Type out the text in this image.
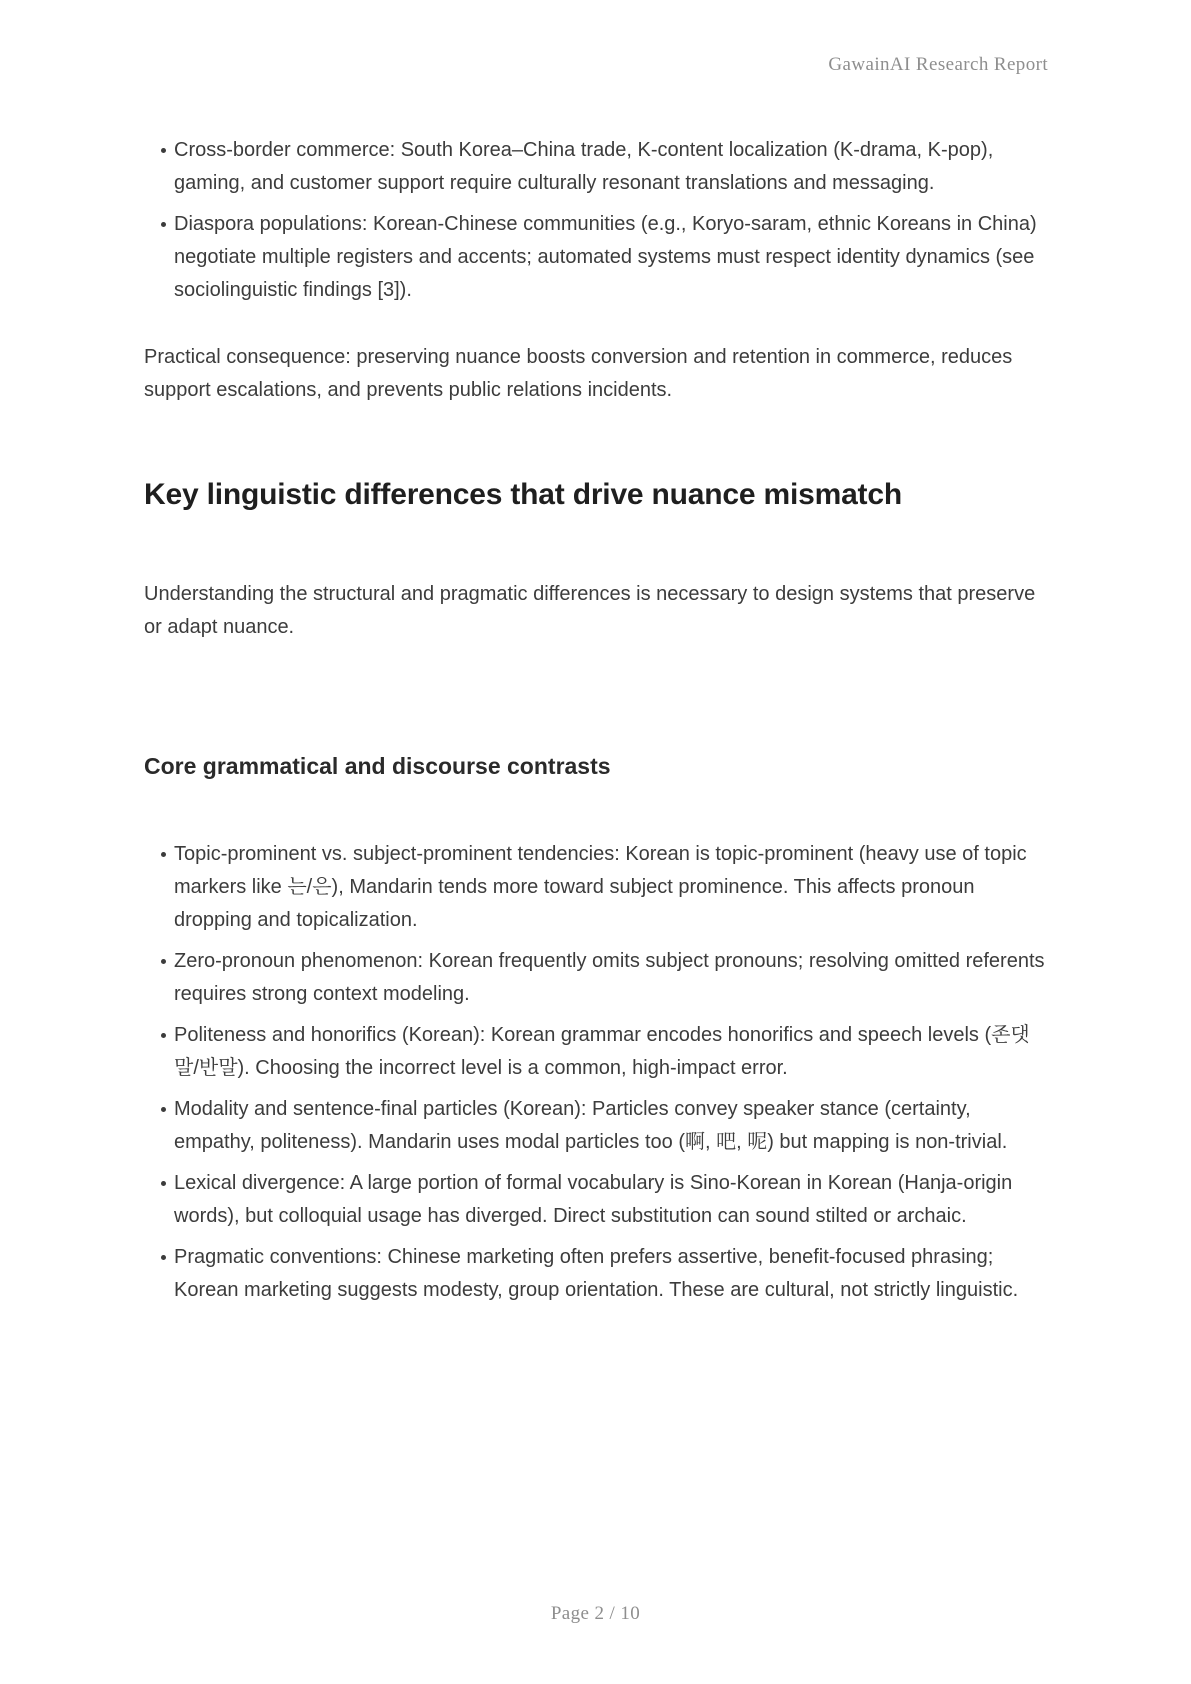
GawainAI Research Report
Cross-border commerce: South Korea–China trade, K-content localization (K-drama, K-pop), gaming, and customer support require culturally resonant translations and messaging.
Diaspora populations: Korean-Chinese communities (e.g., Koryo-saram, ethnic Koreans in China) negotiate multiple registers and accents; automated systems must respect identity dynamics (see sociolinguistic findings [3]).

Practical consequence: preserving nuance boosts conversion and retention in commerce, reduces support escalations, and prevents public relations incidents.

Key linguistic differences that drive nuance mismatch

Understanding the structural and pragmatic differences is necessary to design systems that preserve or adapt nuance.

Core grammatical and discourse contrasts
Topic-prominent vs. subject-prominent tendencies: Korean is topic-prominent (heavy use of topic markers like 는/은), Mandarin tends more toward subject prominence. This affects pronoun dropping and topicalization.
Zero-pronoun phenomenon: Korean frequently omits subject pronouns; resolving omitted referents requires strong context modeling.
Politeness and honorifics (Korean): Korean grammar encodes honorifics and speech levels (존댓말/반말). Choosing the incorrect level is a common, high-impact error.
Modality and sentence-final particles (Korean): Particles convey speaker stance (certainty, empathy, politeness). Mandarin uses modal particles too (啊, 吧, 呢) but mapping is non-trivial.
Lexical divergence: A large portion of formal vocabulary is Sino-Korean in Korean (Hanja-origin words), but colloquial usage has diverged. Direct substitution can sound stilted or archaic.
Pragmatic conventions: Chinese marketing often prefers assertive, benefit-focused phrasing; Korean marketing suggests modesty, group orientation. These are cultural, not strictly linguistic.
Page 2 / 10
